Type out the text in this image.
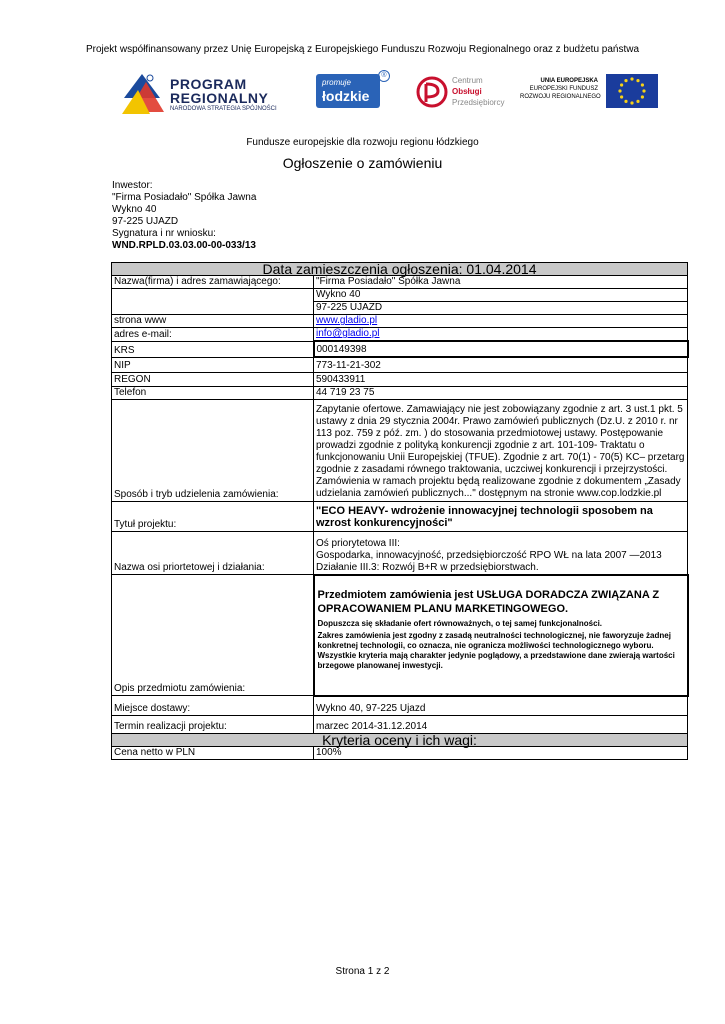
Projekt współfinansowany przez Unię Europejską z Europejskiego Funduszu Rozwoju Regionalnego oraz z budżetu państwa
PROGRAM
REGIONALNY
NARODOWA STRATEGIA SPÓJNOŚCI
promuje
łodzkie
®
Centrum
Obsługi
Przedsiębiorcy
UNIA EUROPEJSKA
EUROPEJSKI FUNDUSZ
ROZWOJU REGIONALNEGO
Fundusze europejskie dla rozwoju regionu łódzkiego
Ogłoszenie o zamówieniu
Inwestor:
"Firma Posiadało" Spółka Jawna
Wykno 40
97-225 UJAZD
Sygnatura i nr wniosku:
WND.RPLD.03.03.00-00-033/13
Data zamieszczenia ogłoszenia: 01.04.2014	
Nazwa(firma) i adres zamawiającego:	"Firma Posiadało" Spółka Jawna
	Wykno 40
	97-225 UJAZD
strona www	www.gladio.pl
adres e-mail:	info@gladio.pl
KRS	000149398
NIP	773-11-21-302
REGON	590433911
Telefon	44 719 23 75
Sposób i tryb udzielenia zamówienia:	Zapytanie ofertowe. Zamawiający nie jest zobowiązany zgodnie z art. 3 ust.1 pkt. 5 ustawy z dnia 29 stycznia 2004r. Prawo zamówień publicznych (Dz.U. z 2010 r. nr 113 poz. 759 z póź. zm. ) do stosowania przedmiotowej ustawy. Postępowanie prowadzi zgodnie z polityką konkurencji zgodnie z art. 101-109- Traktatu o funkcjonowaniu Unii Europejskiej (TFUE). Zgodnie z art. 70(1) - 70(5) KC– przetarg zgodnie z zasadami równego traktowania, uczciwej konkurencji i przejrzystości. Zamówienia w ramach projektu będą realizowane zgodnie z dokumentem „Zasady udzielania zamówień publicznych..." dostępnym na stronie www.cop.lodzkie.pl
Tytuł projektu:	"ECO HEAVY- wdrożenie innowacyjnej technologii sposobem na wzrost konkurencyjności"
Nazwa osi priortetowej i działania:	Oś priorytetowa III:
Gospodarka, innowacyjność, przedsiębiorczość RPO WŁ na lata 2007 —2013
Działanie III.3: Rozwój B+R w przedsiębiorstwach.

Opis przedmiotu zamówienia:	Przedmiotem zamówienia jest USŁUGA DORADCZA ZWIĄZANA Z OPRACOWANIEM PLANU MARKETINGOWEGO.
Dopuszcza się składanie ofert równoważnych, o tej samej funkcjonalności.
Zakres zamówienia jest zgodny z zasadą neutralności technologicznej, nie faworyzuje żadnej konkretnej technologii, co oznacza, nie ogranicza możliwości technologicznego wyboru. Wszystkie kryteria mają charakter jedynie poglądowy, a przedstawione dane zwierają wartości brzegowe planowanej inwestycji.

Miejsce dostawy:	Wykno 40, 97-225 Ujazd
Termin realizacji projektu:	marzec 2014-31.12.2014
Kryteria oceny i ich wagi:	
Cena netto w PLN	100%
Strona 1 z 2
